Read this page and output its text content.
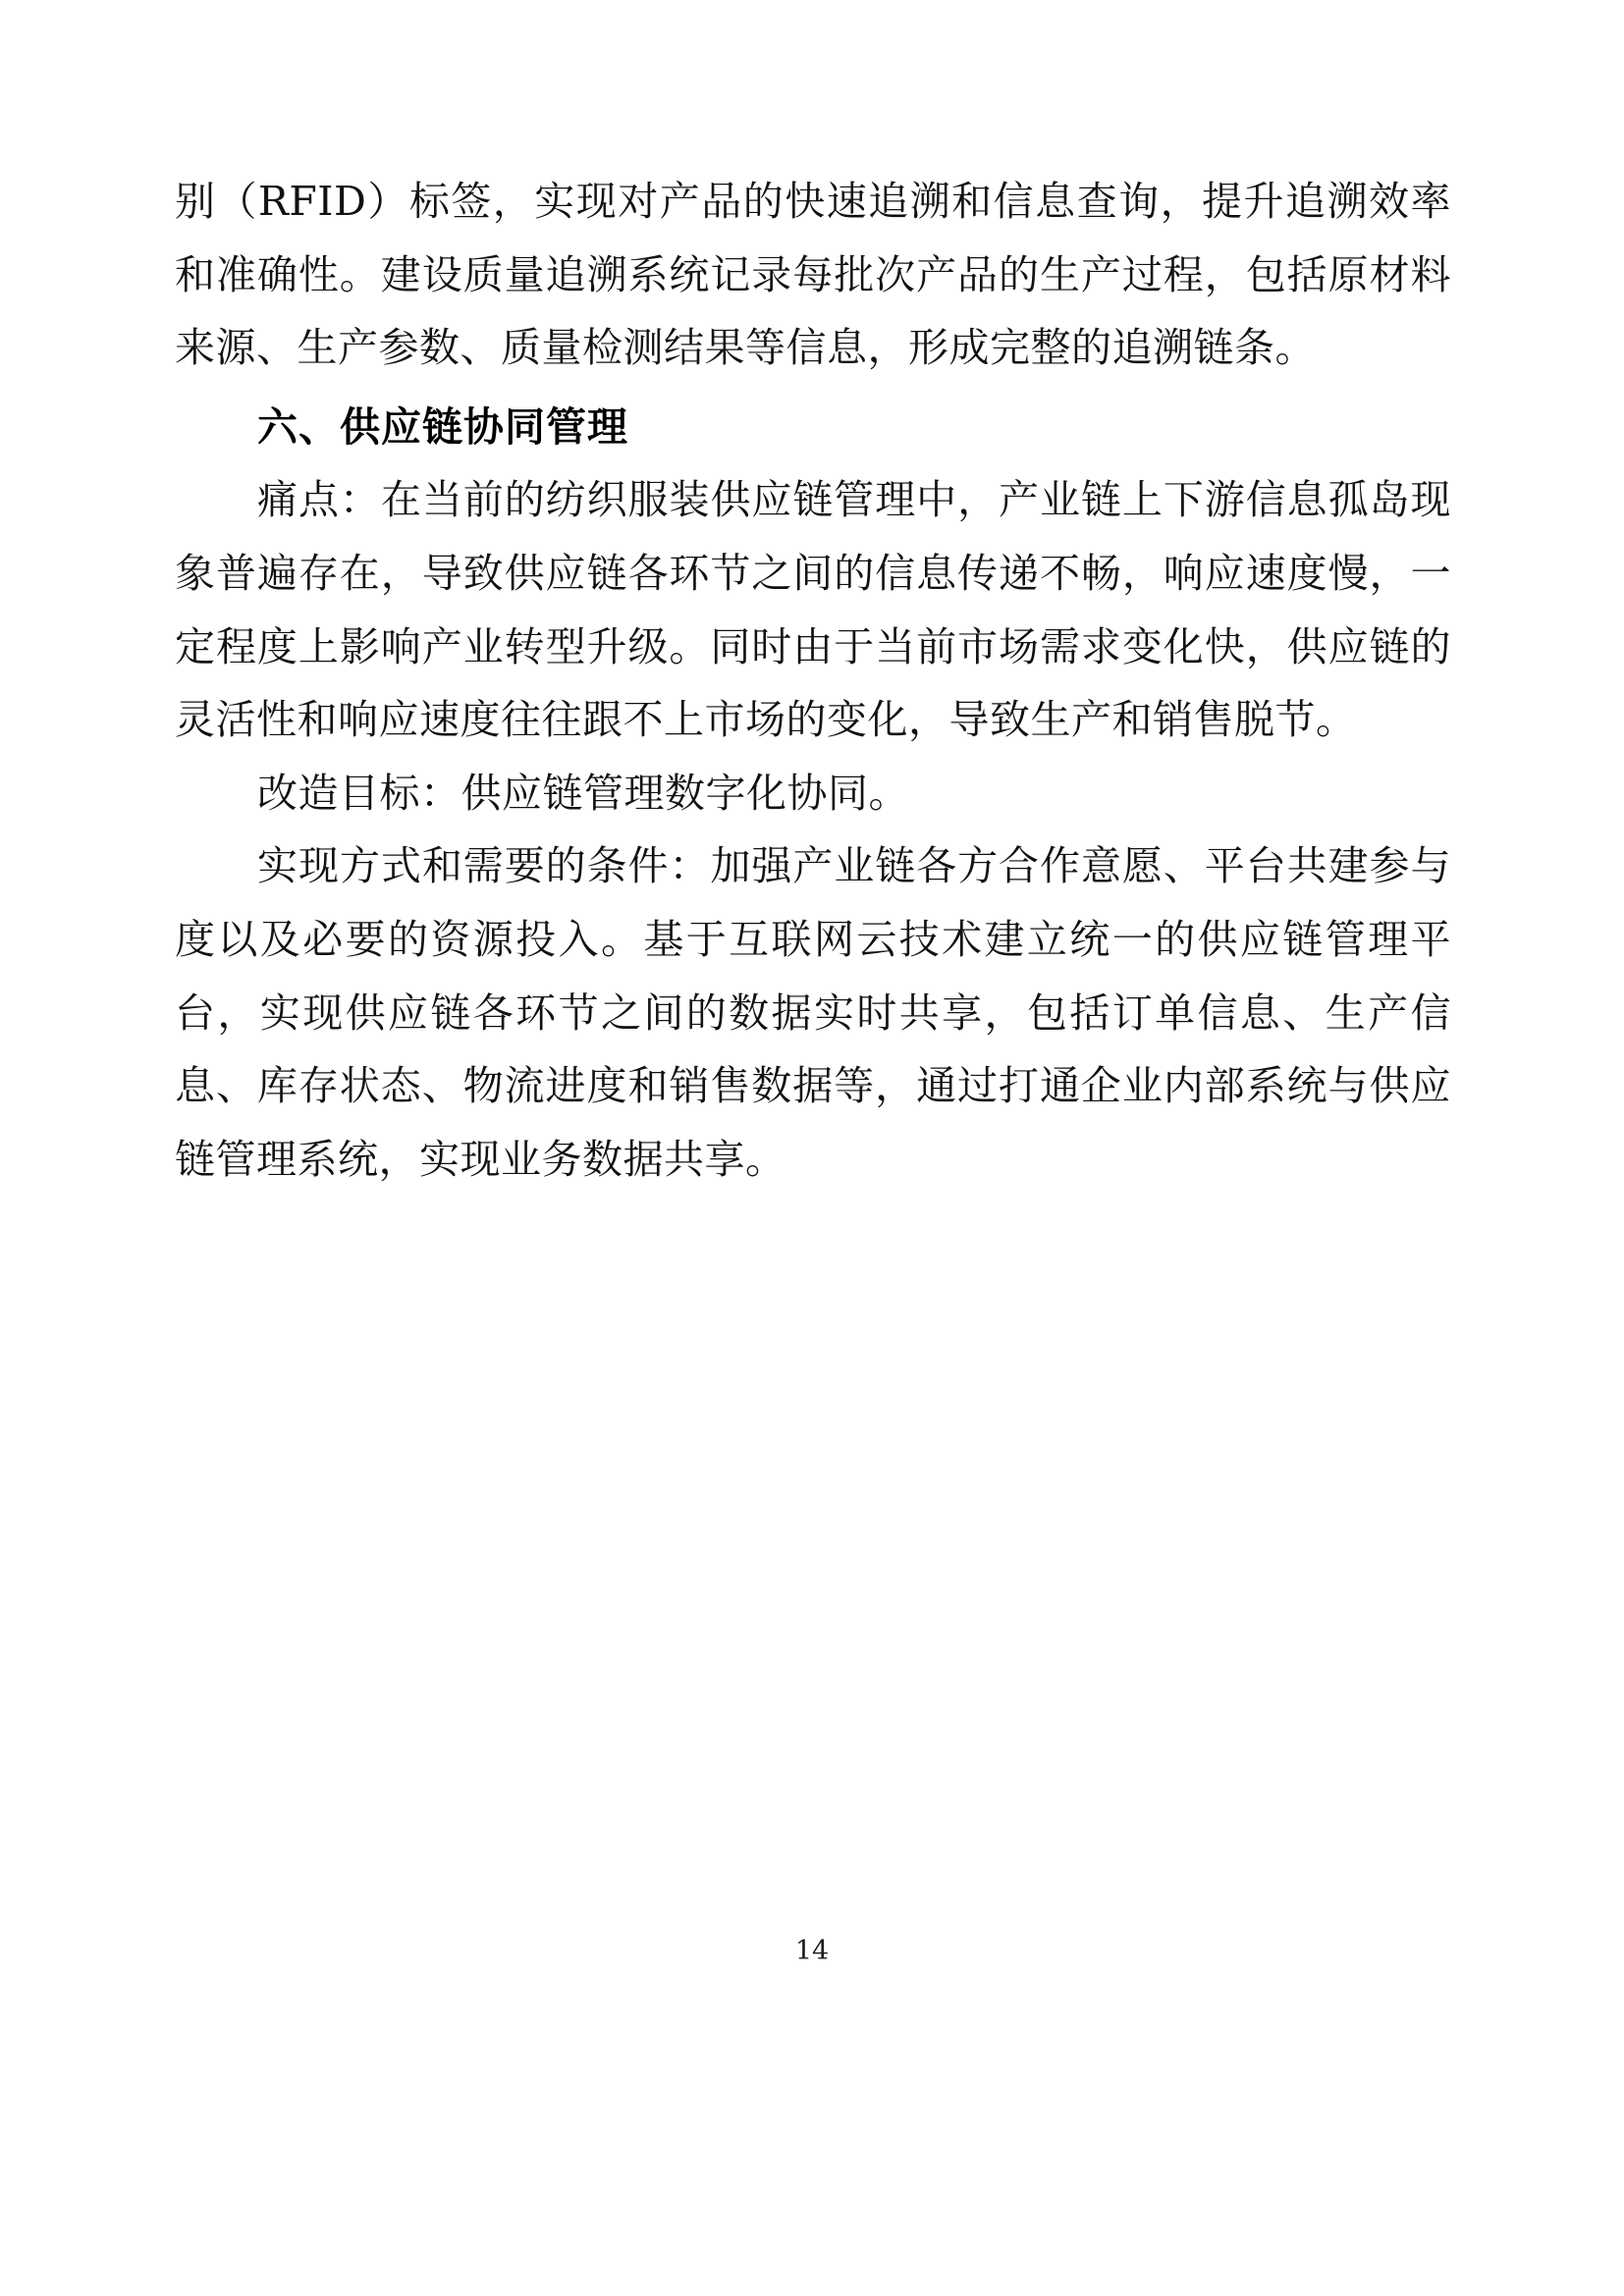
别（RFID）标签，实现对产品的快速追溯和信息查询，提升追溯效率和准确性。建设质量追溯系统记录每批次产品的生产过程，包括原材料来源、生产参数、质量检测结果等信息，形成完整的追溯链条。

六、供应链协同管理

痛点：在当前的纺织服装供应链管理中，产业链上下游信息孤岛现象普遍存在，导致供应链各环节之间的信息传递不畅，响应速度慢，一定程度上影响产业转型升级。同时由于当前市场需求变化快，供应链的灵活性和响应速度往往跟不上市场的变化，导致生产和销售脱节。

改造目标：供应链管理数字化协同。

实现方式和需要的条件：加强产业链各方合作意愿、平台共建参与度以及必要的资源投入。基于互联网云技术建立统一的供应链管理平台，实现供应链各环节之间的数据实时共享，包括订单信息、生产信息、库存状态、物流进度和销售数据等，通过打通企业内部系统与供应链管理系统，实现业务数据共享。

14
